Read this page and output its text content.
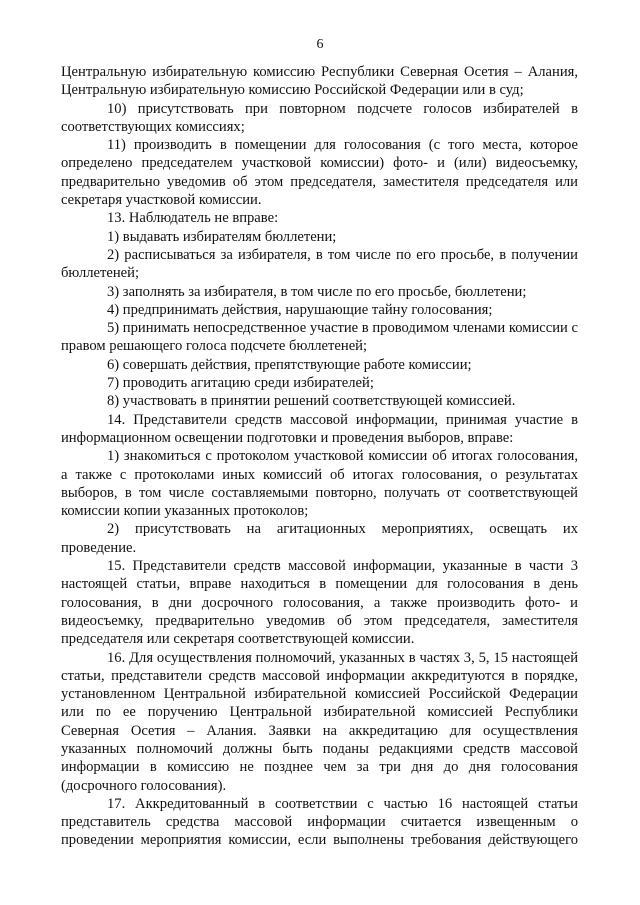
6

Центральную избирательную комиссию Республики Северная Осетия – Алания, Центральную избирательную комиссию Российской Федерации или в суд;

10) присутствовать при повторном подсчете голосов избирателей в соответствующих комиссиях;

11) производить в помещении для голосования (с того места, которое определено председателем участковой комиссии) фото- и (или) видеосъемку, предварительно уведомив об этом председателя, заместителя председателя или секретаря участковой комиссии.

13. Наблюдатель не вправе:

1) выдавать избирателям бюллетени;

2) расписываться за избирателя, в том числе по его просьбе, в получении бюллетеней;

3) заполнять за избирателя, в том числе по его просьбе, бюллетени;

4) предпринимать действия, нарушающие тайну голосования;

5) принимать непосредственное участие в проводимом членами комиссии с правом решающего голоса подсчете бюллетеней;

6) совершать действия, препятствующие работе комиссии;

7) проводить агитацию среди избирателей;

8) участвовать в принятии решений соответствующей комиссией.

14. Представители средств массовой информации, принимая участие в информационном освещении подготовки и проведения выборов, вправе:

1) знакомиться с протоколом участковой комиссии об итогах голосования, а также с протоколами иных комиссий об итогах голосования, о результатах выборов, в том числе составляемыми повторно, получать от соответствующей комиссии копии указанных протоколов;

2) присутствовать на агитационных мероприятиях, освещать их проведение.

15. Представители средств массовой информации, указанные в части 3 настоящей статьи, вправе находиться в помещении для голосования в день голосования, в дни досрочного голосования, а также производить фото- и видеосъемку, предварительно уведомив об этом председателя, заместителя председателя или секретаря соответствующей комиссии.

16. Для осуществления полномочий, указанных в частях 3, 5, 15 настоящей статьи, представители средств массовой информации аккредитуются в порядке, установленном Центральной избирательной комиссией Российской Федерации или по ее поручению Центральной избирательной комиссией Республики Северная Осетия – Алания. Заявки на аккредитацию для осуществления указанных полномочий должны быть поданы редакциями средств массовой информации в комиссию не позднее чем за три дня до дня голосования (досрочного голосования).

17. Аккредитованный в соответствии с частью 16 настоящей статьи представитель средства массовой информации считается извещенным о проведении мероприятия комиссии, если выполнены требования действующего
